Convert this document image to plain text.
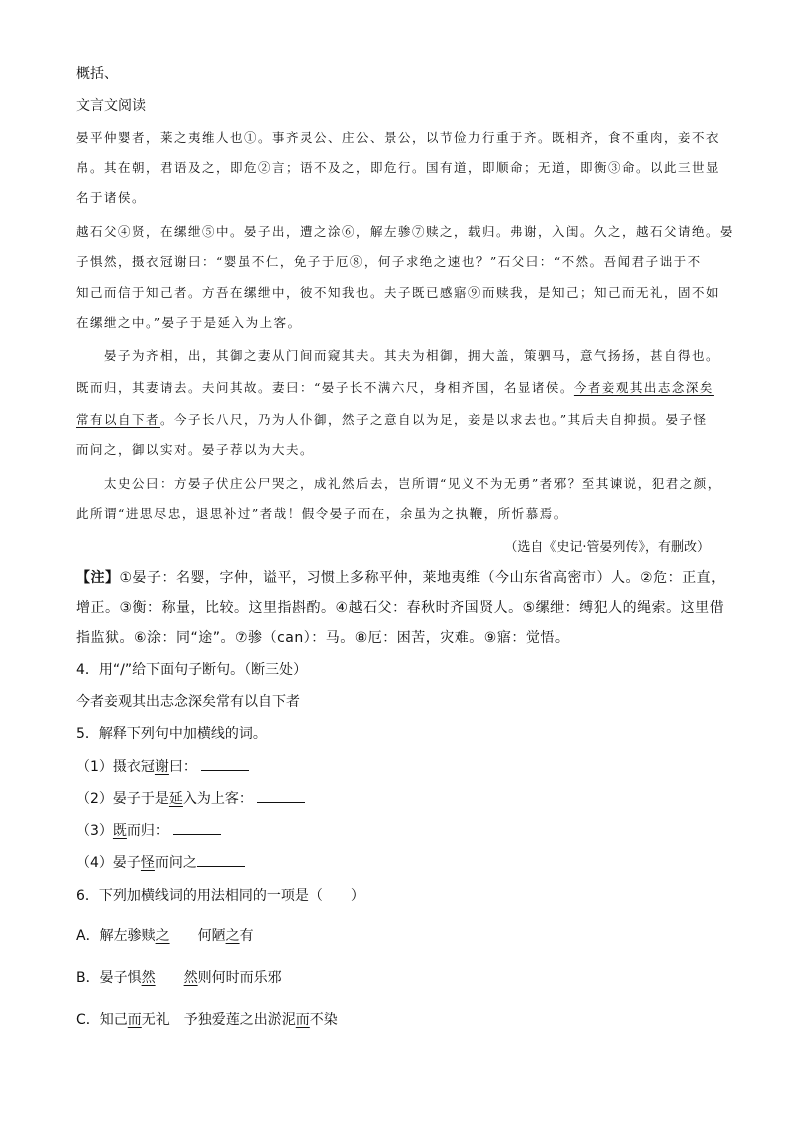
概括、
文言文阅读
晏平仲婴者，莱之夷维人也①。事齐灵公、庄公、景公，以节俭力行重于齐。既相齐，食不重肉，妾不衣
帛。其在朝，君语及之，即危②言；语不及之，即危行。国有道，即顺命；无道，即衡③命。以此三世显
名于诸侯。
越石父④贤，在缧绁⑤中。晏子出，遭之涂⑥，解左骖⑦赎之，载归。弗谢，入闺。久之，越石父请绝。晏
子惧然，摄衣冠谢曰：“婴虽不仁，免子于厄⑧，何子求绝之速也？”石父曰：“不然。吾闻君子诎于不
知己而信于知己者。方吾在缧绁中，彼不知我也。夫子既已感寤⑨而赎我，是知己；知己而无礼，固不如
在缧绁之中。”晏子于是延入为上客。
晏子为齐相，出，其御之妻从门间而窥其夫。其夫为相御，拥大盖，策驷马，意气扬扬，甚自得也。
既而归，其妻请去。夫问其故。妻曰：“晏子长不满六尺，身相齐国，名显诸侯。今者妾观其出志念深矣
常有以自下者。今子长八尺，乃为人仆御，然子之意自以为足，妾是以求去也。”其后夫自抑损。晏子怪
而问之，御以实对。晏子荐以为大夫。
太史公曰：方晏子伏庄公尸哭之，成礼然后去，岂所谓“见义不为无勇”者邪？至其谏说，犯君之颜，
此所谓“进思尽忠，退思补过”者哉！假令晏子而在，余虽为之执鞭，所忻慕焉。
（选自《史记·管晏列传》，有删改）
【注】①晏子：名婴，字仲，谥平，习惯上多称平仲，莱地夷维（今山东省高密市）人。②危：正直，
增正。③衡：称量，比较。这里指斟酌。④越石父：春秋时齐国贤人。⑤缧绁：缚犯人的绳索。这里借
指监狱。⑥涂：同“途”。⑦骖（can）：马。⑧厄：困苦，灾难。⑨寤：觉悟。
4．用“/”给下面句子断句。（断三处）
今者妾观其出志念深矣常有以自下者
5．解释下列句中加横线的词。
（1）摄衣冠谢曰：
（2）晏子于是延入为上客：
（3）既而归：
（4）晏子怪而问之
6．下列加横线词的用法相同的一项是（　　）
A．解左骖赎之　　何陋之有
B．晏子惧然　　 然则何时而乐邪
C．知己而无礼　予独爱莲之出淤泥而不染
